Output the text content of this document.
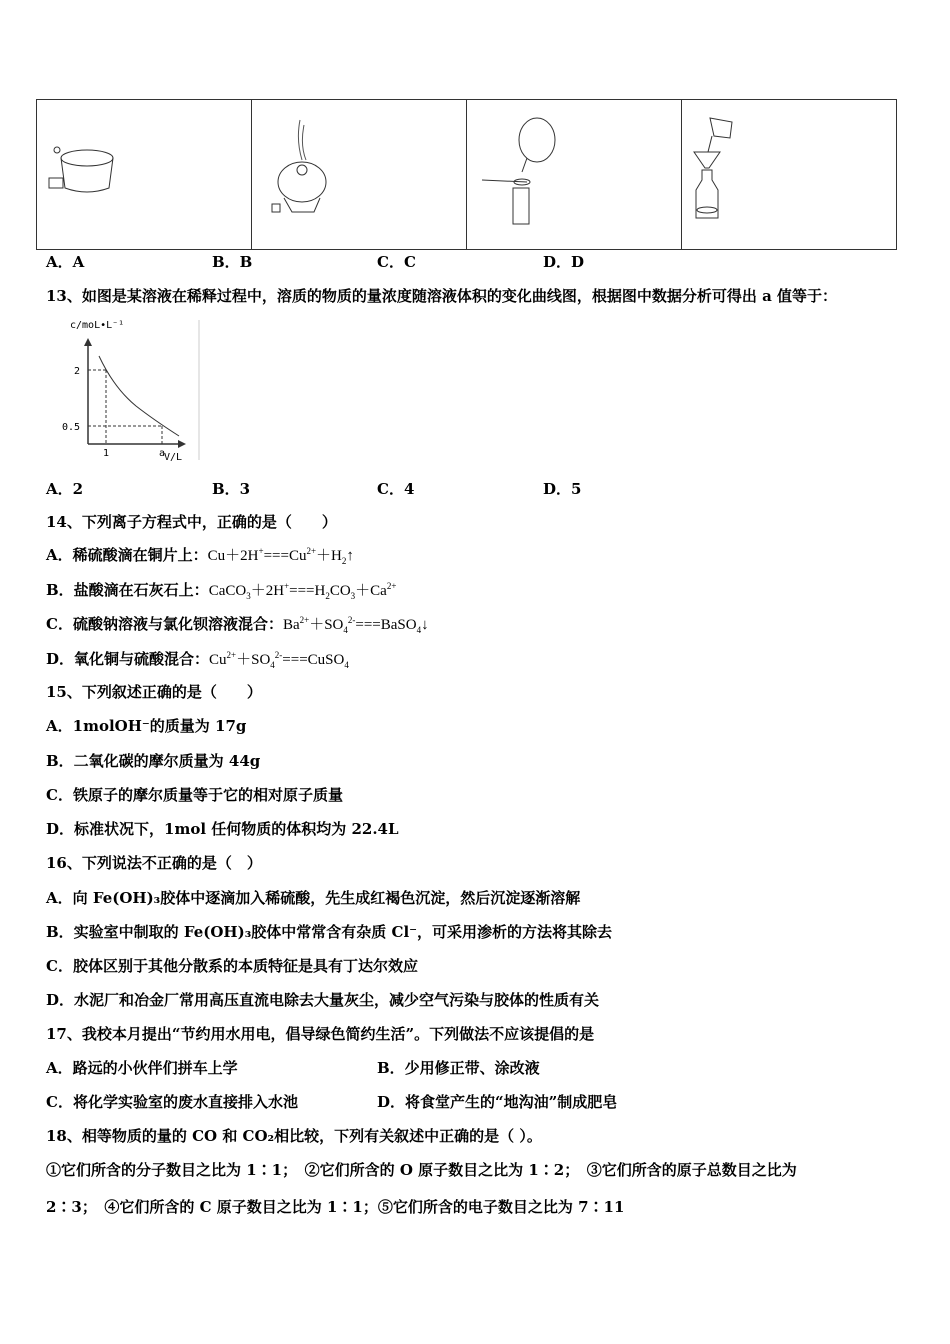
A．A	B．B	C．C	D．D
13、如图是某溶液在稀释过程中，溶质的物质的量浓度随溶液体积的变化曲线图，根据图中数据分析可得出 a 值等于：
c/moL•L⁻¹
V/L
2
0.5
1	a
A．2	B．3	C．4	D．5
14、下列离子方程式中，正确的是（　　）
A．稀硫酸滴在铜片上：$Cu+2H^+===Cu^{2+}+H_2↑$
B．盐酸滴在石灰石上：$CaCO_3+2H^+===H_2CO_3+Ca^{2+}$
C．硫酸钠溶液与氯化钡溶液混合：$Ba^{2+}+SO_4^{2-}===BaSO_4↓$
D．氧化铜与硫酸混合：$Cu^{2+}+SO_4^{2-}===CuSO_4$
15、下列叙述正确的是（　　）
A．1molOH⁻的质量为 17g
B．二氧化碳的摩尔质量为 44g
C．铁原子的摩尔质量等于它的相对原子质量
D．标准状况下，1mol 任何物质的体积均为 22.4L
16、下列说法不正确的是（　）
A．向 Fe(OH)₃胶体中逐滴加入稀硫酸，先生成红褐色沉淀，然后沉淀逐渐溶解
B．实验室中制取的 Fe(OH)₃胶体中常常含有杂质 Cl⁻，可采用渗析的方法将其除去
C．胶体区别于其他分散系的本质特征是具有丁达尔效应
D．水泥厂和冶金厂常用高压直流电除去大量灰尘，减少空气污染与胶体的性质有关
17、我校本月提出“节约用水用电，倡导绿色简约生活”。下列做法不应该提倡的是
A．路远的小伙伴们拼车上学	B．少用修正带、涂改液
C．将化学实验室的废水直接排入水池	D．将食堂产生的“地沟油”制成肥皂
18、相等物质的量的 CO 和 CO₂相比较，下列有关叙述中正确的是（ ）。
①它们所含的分子数目之比为 1∶1；　②它们所含的 O 原子数目之比为 1∶2；　③它们所含的原子总数目之比为
2∶3；　④它们所含的 C 原子数目之比为 1∶1；⑤它们所含的电子数目之比为 7∶11
